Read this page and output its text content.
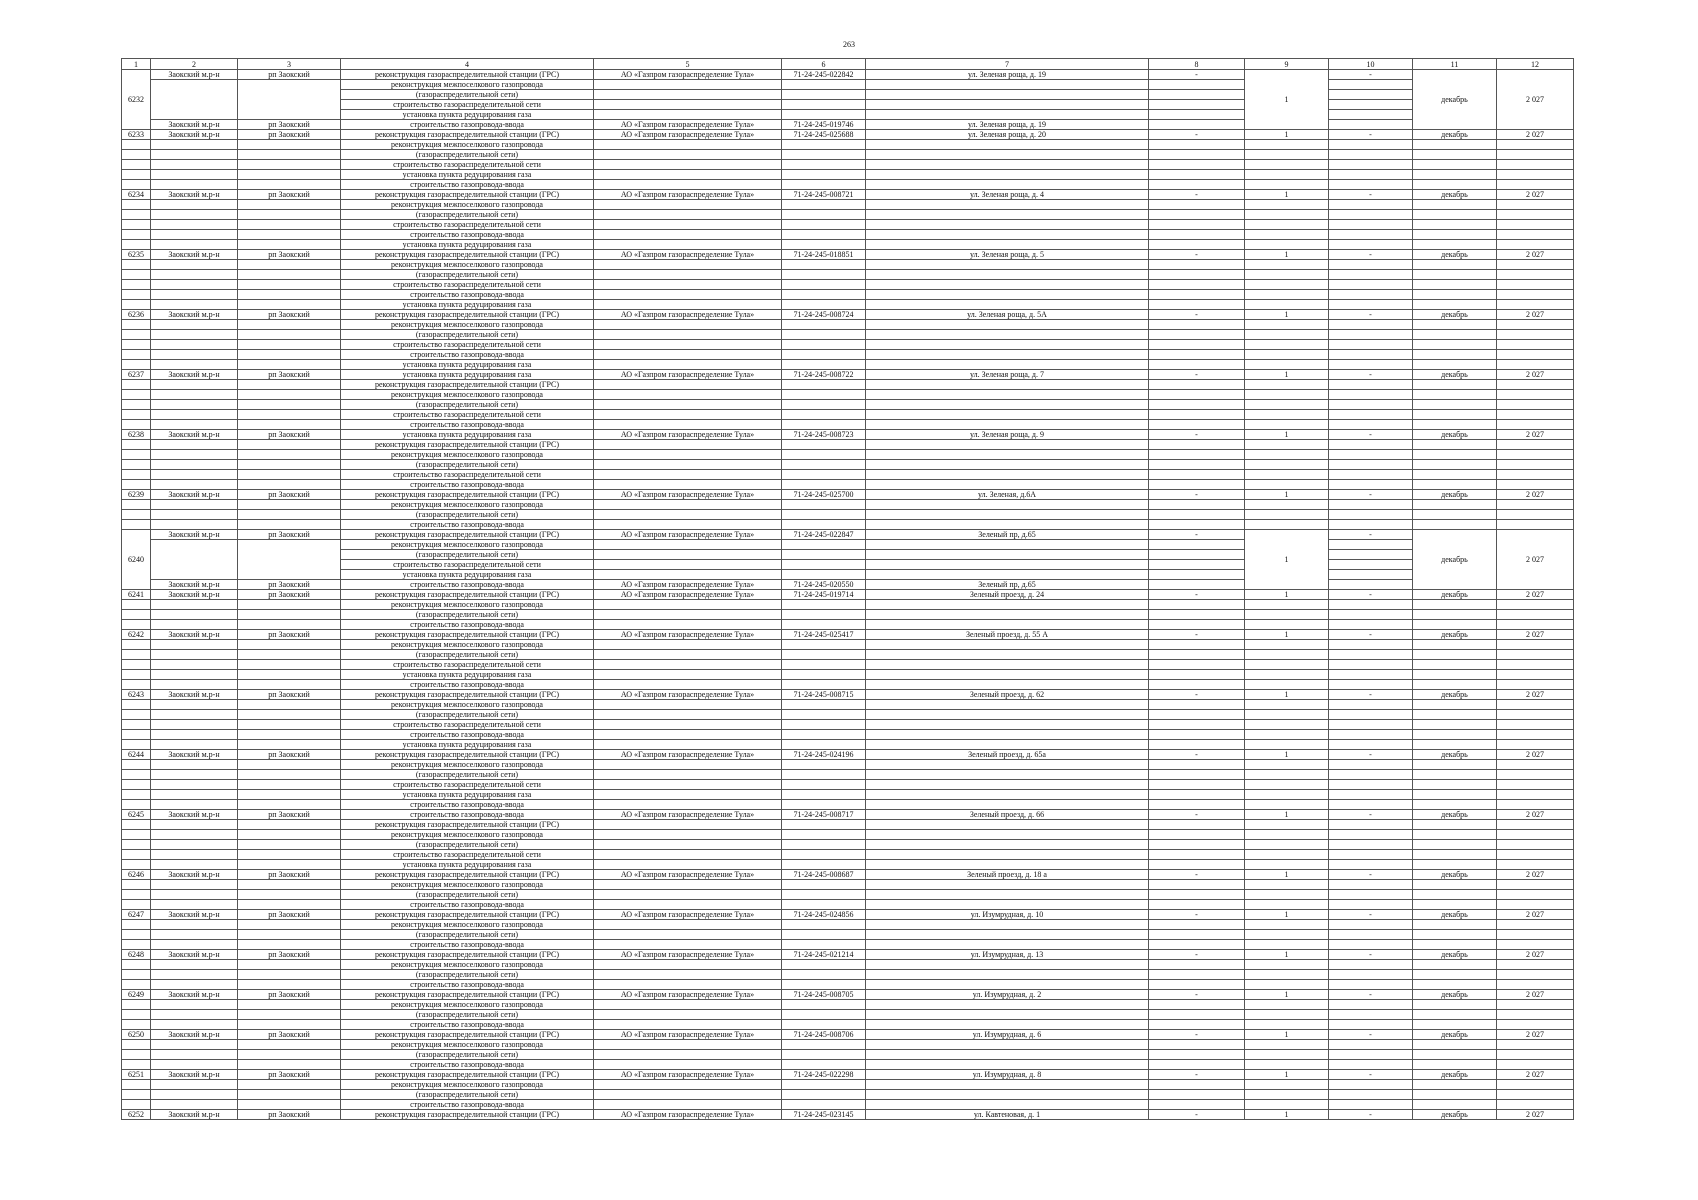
263
1	2	3	4	5	6	7	8	9	10	11	12
6232	Заокский м.р-н	рп Заокский	реконструкция газораспределительной станции (ГРС)	АО «Газпром газораспределение Тула»	71-24-245-022842	ул. Зеленая роща, д. 19	-	1	-	декабрь	2 027
			реконструкция межпоселкового газопровода								
			(газораспределительной сети)								
			строительство газораспределительной сети								
			установка пункта редуцирования газа								
	Заокский м.р-н	рп Заокский	строительство газопровода-ввода	АО «Газпром газораспределение Тула»	71-24-245-019746	ул. Зеленая роща, д. 19					
6233	Заокский м.р-н	рп Заокский	реконструкция газораспределительной станции (ГРС)	АО «Газпром газораспределение Тула»	71-24-245-025688	ул. Зеленая роща, д. 20	-	1	-	декабрь	2 027
			реконструкция межпоселкового газопровода								
			(газораспределительной сети)								
			строительство газораспределительной сети								
			установка пункта редуцирования газа								
			строительство газопровода-ввода								
6234	Заокский м.р-н	рп Заокский	реконструкция газораспределительной станции (ГРС)	АО «Газпром газораспределение Тула»	71-24-245-008721	ул. Зеленая роща, д. 4	-	1	-	декабрь	2 027
			реконструкция межпоселкового газопровода								
			(газораспределительной сети)								
			строительство газораспределительной сети								
			строительство газопровода-ввода								
			установка пункта редуцирования газа								
6235	Заокский м.р-н	рп Заокский	реконструкция газораспределительной станции (ГРС)	АО «Газпром газораспределение Тула»	71-24-245-018851	ул. Зеленая роща, д. 5	-	1	-	декабрь	2 027
			реконструкция межпоселкового газопровода								
			(газораспределительной сети)								
			строительство газораспределительной сети								
			строительство газопровода-ввода								
			установка пункта редуцирования газа								
6236	Заокский м.р-н	рп Заокский	реконструкция газораспределительной станции (ГРС)	АО «Газпром газораспределение Тула»	71-24-245-008724	ул. Зеленая роща, д. 5А	-	1	-	декабрь	2 027
			реконструкция межпоселкового газопровода								
			(газораспределительной сети)								
			строительство газораспределительной сети								
			строительство газопровода-ввода								
			установка пункта редуцирования газа								
6237	Заокский м.р-н	рп Заокский	установка пункта редуцирования газа	АО «Газпром газораспределение Тула»	71-24-245-008722	ул. Зеленая роща, д. 7	-	1	-	декабрь	2 027
			реконструкция газораспределительной станции (ГРС)								
			реконструкция межпоселкового газопровода								
			(газораспределительной сети)								
			строительство газораспределительной сети								
			строительство газопровода-ввода								
6238	Заокский м.р-н	рп Заокский	установка пункта редуцирования газа	АО «Газпром газораспределение Тула»	71-24-245-008723	ул. Зеленая роща, д. 9	-	1	-	декабрь	2 027
			реконструкция газораспределительной станции (ГРС)								
			реконструкция межпоселкового газопровода								
			(газораспределительной сети)								
			строительство газораспределительной сети								
			строительство газопровода-ввода								
6239	Заокский м.р-н	рп Заокский	реконструкция газораспределительной станции (ГРС)	АО «Газпром газораспределение Тула»	71-24-245-025700	ул. Зеленая, д.6А	-	1	-	декабрь	2 027
			реконструкция межпоселкового газопровода								
			(газораспределительной сети)								
			строительство газопровода-ввода								
6240	Заокский м.р-н	рп Заокский	реконструкция газораспределительной станции (ГРС)	АО «Газпром газораспределение Тула»	71-24-245-022847	Зеленый пр, д.65	-	1	-	декабрь	2 027
			реконструкция межпоселкового газопровода								
			(газораспределительной сети)								
			строительство газораспределительной сети								
			установка пункта редуцирования газа								
	Заокский м.р-н	рп Заокский	строительство газопровода-ввода	АО «Газпром газораспределение Тула»	71-24-245-020550	Зеленый пр, д.65					
6241	Заокский м.р-н	рп Заокский	реконструкция газораспределительной станции (ГРС)	АО «Газпром газораспределение Тула»	71-24-245-019714	Зеленый проезд, д. 24	-	1	-	декабрь	2 027
			реконструкция межпоселкового газопровода								
			(газораспределительной сети)								
			строительство газопровода-ввода								
6242	Заокский м.р-н	рп Заокский	реконструкция газораспределительной станции (ГРС)	АО «Газпром газораспределение Тула»	71-24-245-025417	Зеленый проезд, д. 55 А	-	1	-	декабрь	2 027
			реконструкция межпоселкового газопровода								
			(газораспределительной сети)								
			строительство газораспределительной сети								
			установка пункта редуцирования газа								
			строительство газопровода-ввода								
6243	Заокский м.р-н	рп Заокский	реконструкция газораспределительной станции (ГРС)	АО «Газпром газораспределение Тула»	71-24-245-008715	Зеленый проезд, д. 62	-	1	-	декабрь	2 027
			реконструкция межпоселкового газопровода								
			(газораспределительной сети)								
			строительство газораспределительной сети								
			строительство газопровода-ввода								
			установка пункта редуцирования газа								
6244	Заокский м.р-н	рп Заокский	реконструкция газораспределительной станции (ГРС)	АО «Газпром газораспределение Тула»	71-24-245-024196	Зеленый проезд, д. 65а	-	1	-	декабрь	2 027
			реконструкция межпоселкового газопровода								
			(газораспределительной сети)								
			строительство газораспределительной сети								
			установка пункта редуцирования газа								
			строительство газопровода-ввода								
6245	Заокский м.р-н	рп Заокский	строительство газопровода-ввода	АО «Газпром газораспределение Тула»	71-24-245-008717	Зеленый проезд, д. 66	-	1	-	декабрь	2 027
			реконструкция газораспределительной станции (ГРС)								
			реконструкция межпоселкового газопровода								
			(газораспределительной сети)								
			строительство газораспределительной сети								
			установка пункта редуцирования газа								
6246	Заокский м.р-н	рп Заокский	реконструкция газораспределительной станции (ГРС)	АО «Газпром газораспределение Тула»	71-24-245-008687	Зеленый проезд, д. 18 а	-	1	-	декабрь	2 027
			реконструкция межпоселкового газопровода								
			(газораспределительной сети)								
			строительство газопровода-ввода								
6247	Заокский м.р-н	рп Заокский	реконструкция газораспределительной станции (ГРС)	АО «Газпром газораспределение Тула»	71-24-245-024856	ул. Изумрудная, д. 10	-	1	-	декабрь	2 027
			реконструкция межпоселкового газопровода								
			(газораспределительной сети)								
			строительство газопровода-ввода								
6248	Заокский м.р-н	рп Заокский	реконструкция газораспределительной станции (ГРС)	АО «Газпром газораспределение Тула»	71-24-245-021214	ул. Изумрудная, д. 13	-	1	-	декабрь	2 027
			реконструкция межпоселкового газопровода								
			(газораспределительной сети)								
			строительство газопровода-ввода								
6249	Заокский м.р-н	рп Заокский	реконструкция газораспределительной станции (ГРС)	АО «Газпром газораспределение Тула»	71-24-245-008705	ул. Изумрудная, д. 2	-	1	-	декабрь	2 027
			реконструкция межпоселкового газопровода								
			(газораспределительной сети)								
			строительство газопровода-ввода								
6250	Заокский м.р-н	рп Заокский	реконструкция газораспределительной станции (ГРС)	АО «Газпром газораспределение Тула»	71-24-245-008706	ул. Изумрудная, д. 6	-	1	-	декабрь	2 027
			реконструкция межпоселкового газопровода								
			(газораспределительной сети)								
			строительство газопровода-ввода								
6251	Заокский м.р-н	рп Заокский	реконструкция газораспределительной станции (ГРС)	АО «Газпром газораспределение Тула»	71-24-245-022298	ул. Изумрудная, д. 8	-	1	-	декабрь	2 027
			реконструкция межпоселкового газопровода								
			(газораспределительной сети)								
			строительство газопровода-ввода								
6252	Заокский м.р-н	рп Заокский	реконструкция газораспределительной станции (ГРС)	АО «Газпром газораспределение Тула»	71-24-245-023145	ул. Кавтеновая, д. 1	-	1	-	декабрь	2 027
